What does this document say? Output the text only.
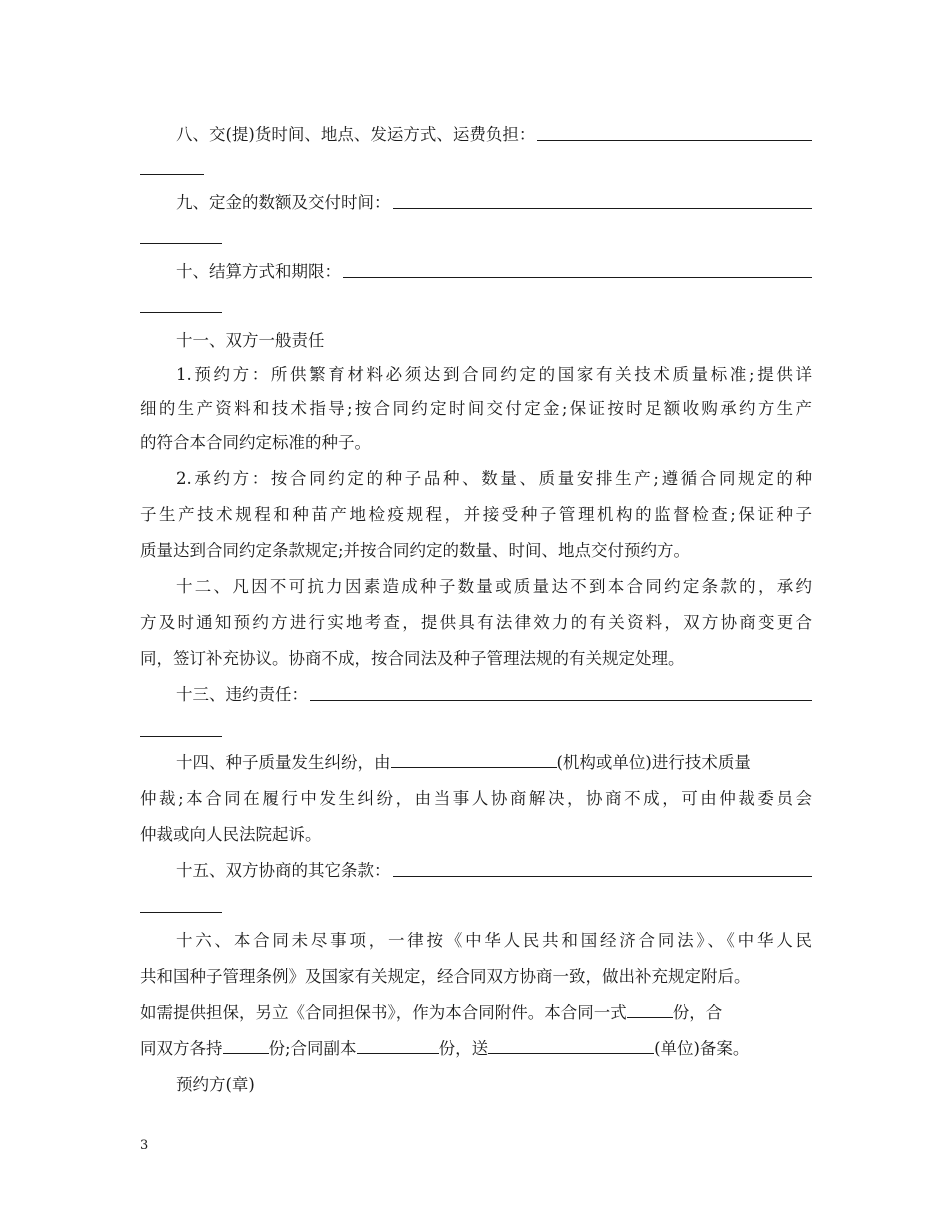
八、交(提)货时间、地点、发运方式、运费负担：
九、定金的数额及交付时间：
十、结算方式和期限：
十一、双方一般责任
1.预约方：所供繁育材料必须达到合同约定的国家有关技术质量标准;提供详
细的生产资料和技术指导;按合同约定时间交付定金;保证按时足额收购承约方生产
的符合本合同约定标准的种子。
2.承约方：按合同约定的种子品种、数量、质量安排生产;遵循合同规定的种
子生产技术规程和种苗产地检疫规程，并接受种子管理机构的监督检查;保证种子
质量达到合同约定条款规定;并按合同约定的数量、时间、地点交付预约方。
十二、凡因不可抗力因素造成种子数量或质量达不到本合同约定条款的，承约
方及时通知预约方进行实地考查，提供具有法律效力的有关资料，双方协商变更合
同，签订补充协议。协商不成，按合同法及种子管理法规的有关规定处理。
十三、违约责任：
十四、种子质量发生纠纷，由	(机构或单位)进行技术质量
仲裁;本合同在履行中发生纠纷，由当事人协商解决，协商不成，可由仲裁委员会
仲裁或向人民法院起诉。
十五、双方协商的其它条款：
十六、本合同未尽事项，一律按《中华人民共和国经济合同法》、《中华人民
共和国种子管理条例》及国家有关规定，经合同双方协商一致，做出补充规定附后。
如需提供担保，另立《合同担保书》，作为本合同附件。本合同一式	份，合
同双方各持	份;合同副本	份，送	(单位)备案。
预约方(章)
3
